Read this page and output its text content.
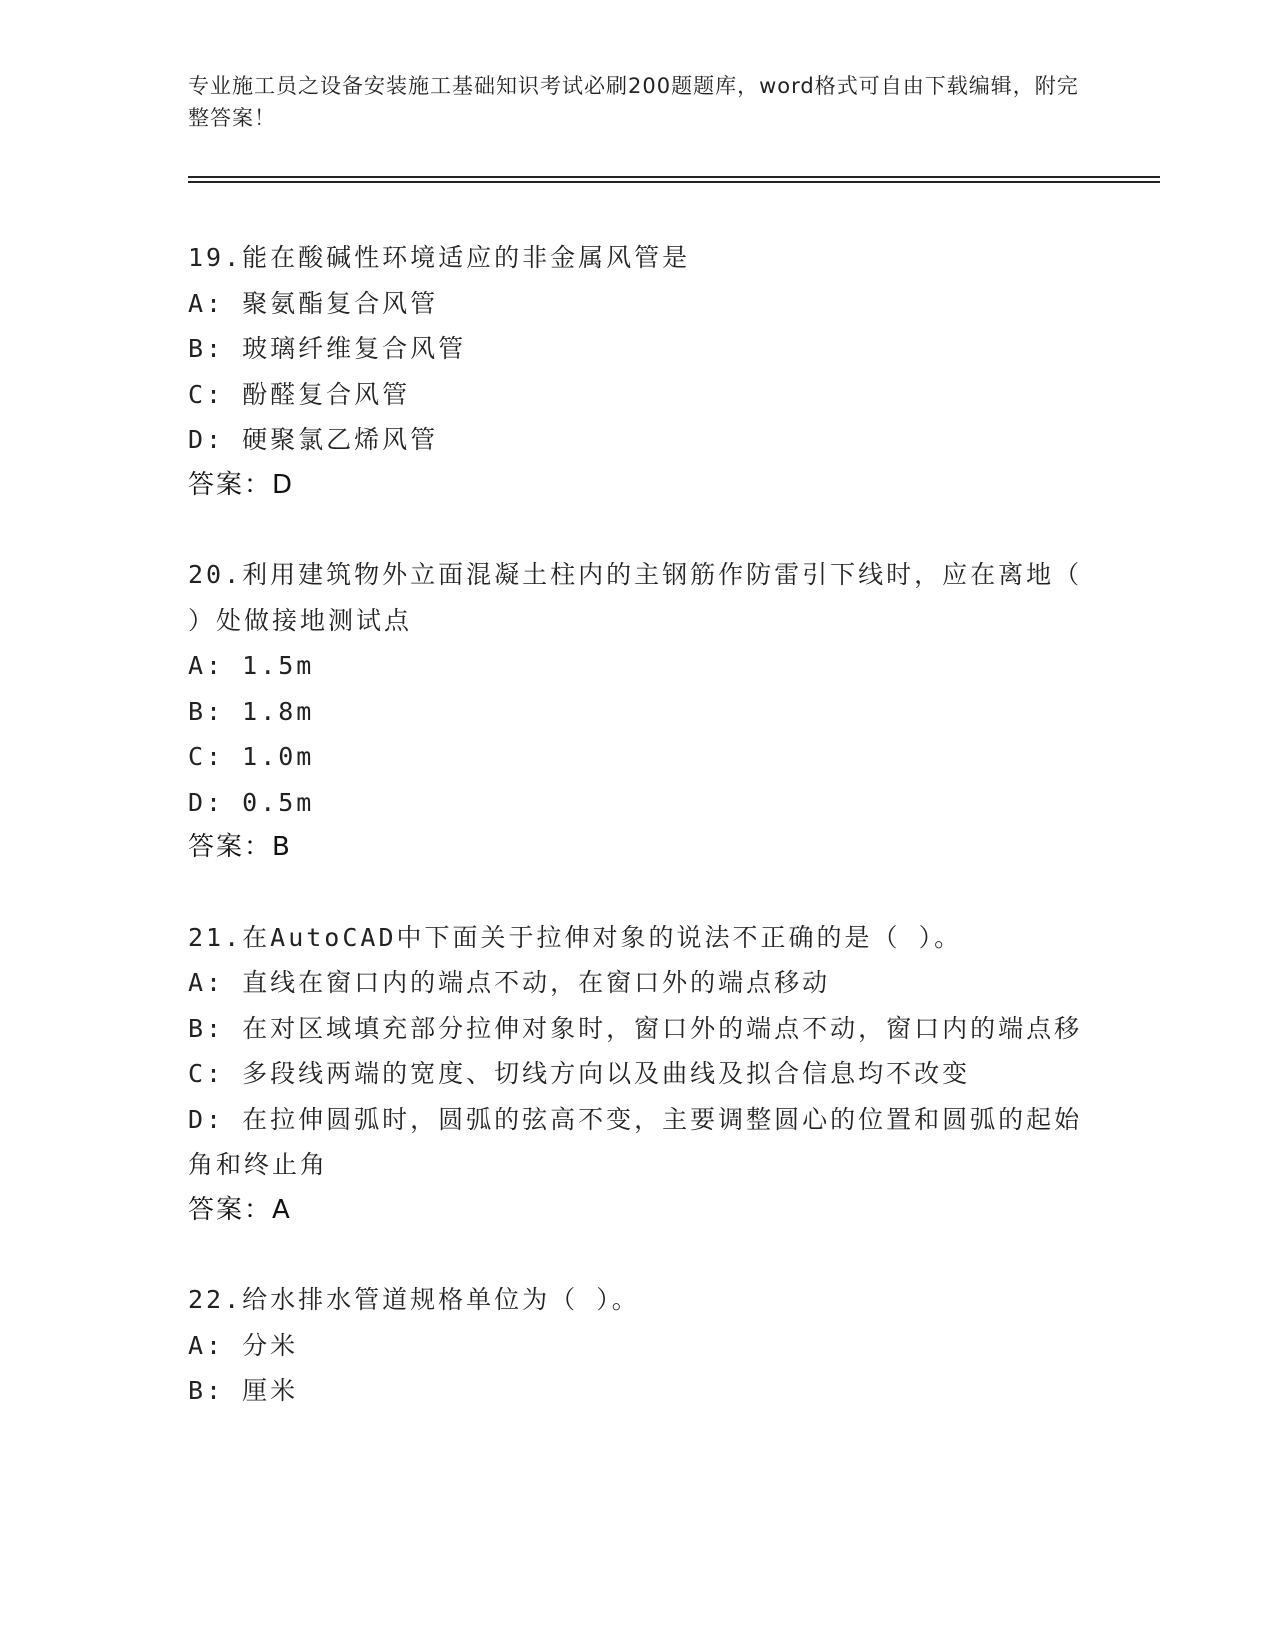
专业施工员之设备安装施工基础知识考试必刷200题题库，word格式可自由下载编辑，附完整答案！
19.能在酸碱性环境适应的非金属风管是
A: 聚氨酯复合风管
B: 玻璃纤维复合风管
C: 酚醛复合风管
D: 硬聚氯乙烯风管
答案：D
20.利用建筑物外立面混凝土柱内的主钢筋作防雷引下线时，应在离地（ ）处做接地测试点
A: 1.5m
B: 1.8m
C: 1.0m
D: 0.5m
答案：B
21.在AutoCAD中下面关于拉伸对象的说法不正确的是（ ）。
A: 直线在窗口内的端点不动，在窗口外的端点移动
B: 在对区域填充部分拉伸对象时，窗口外的端点不动，窗口内的端点移
C: 多段线两端的宽度、切线方向以及曲线及拟合信息均不改变
D: 在拉伸圆弧时，圆弧的弦高不变，主要调整圆心的位置和圆弧的起始角和终止角
答案：A
22.给水排水管道规格单位为（ ）。
A: 分米
B: 厘米
